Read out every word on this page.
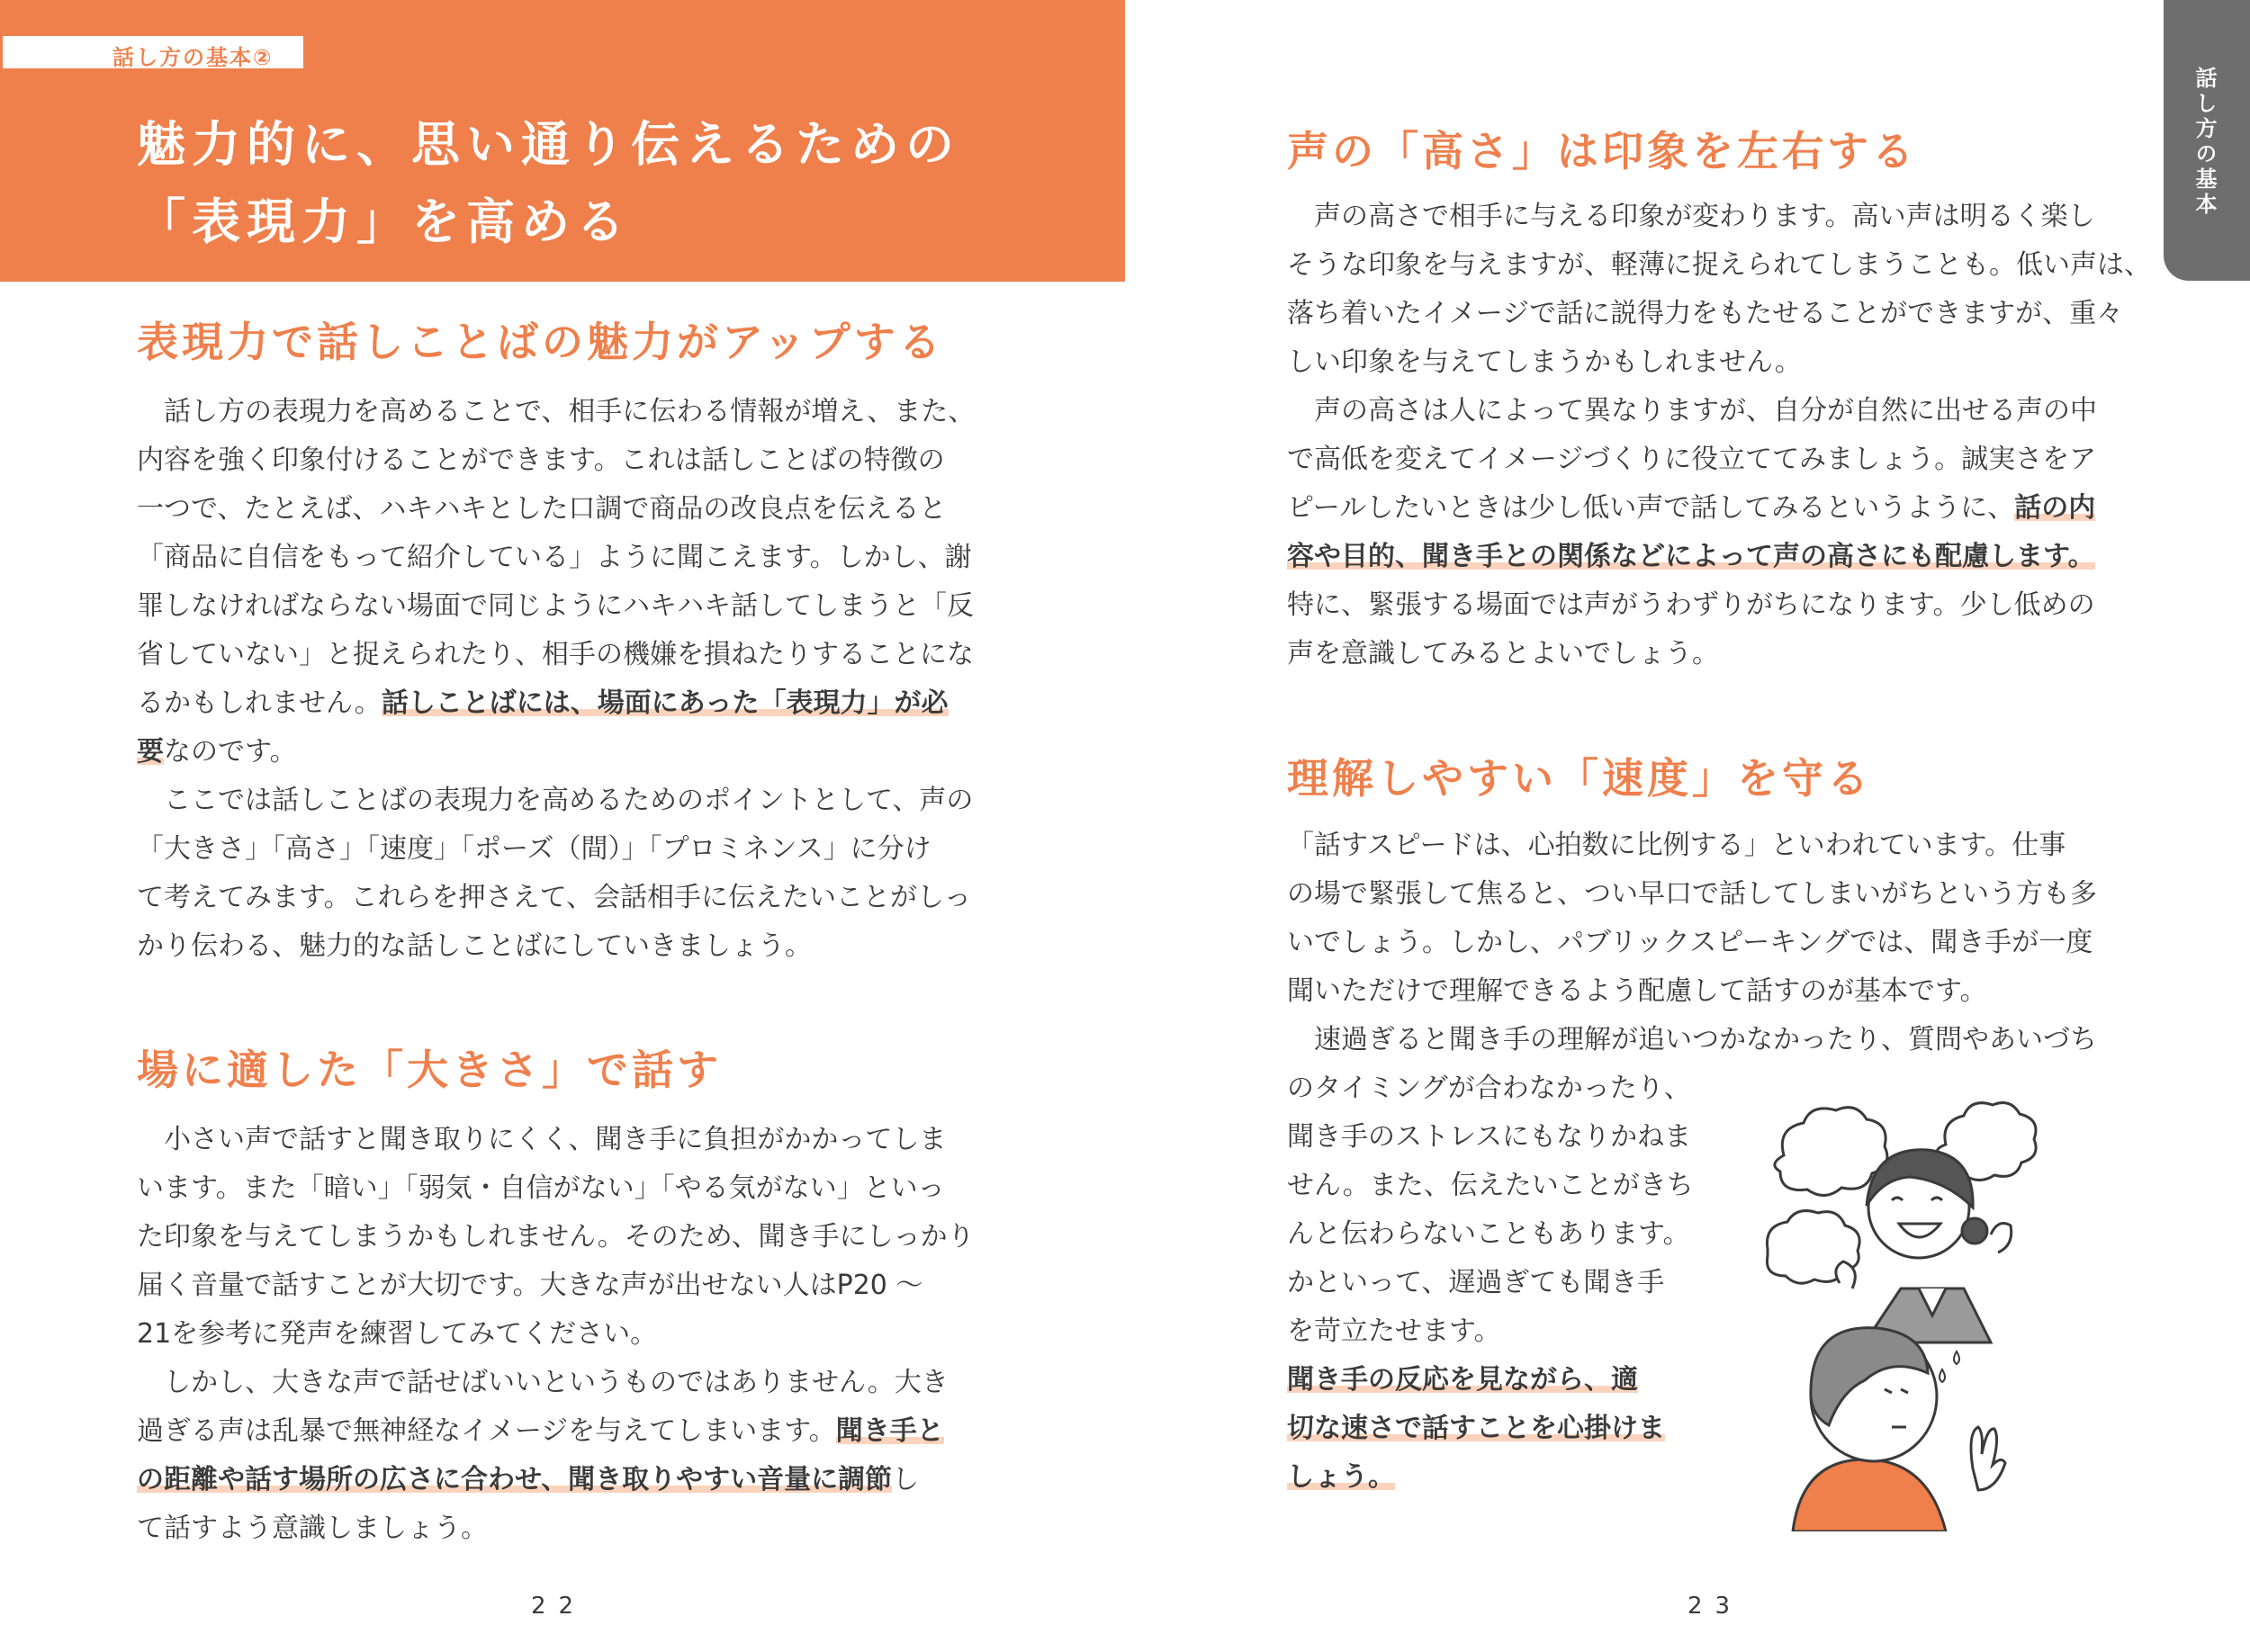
話し方の基本②
魅力的に、思い通り伝えるための
「表現力」を高める
表現力で話しことばの魅力がアップする
　話し方の表現力を高めることで、相手に伝わる情報が増え、また、
内容を強く印象付けることができます。これは話しことばの特徴の
一つで、たとえば、ハキハキとした口調で商品の改良点を伝えると
「商品に自信をもって紹介している」ように聞こえます。しかし、謝
罪しなければならない場面で同じようにハキハキ話してしまうと「反
省していない」と捉えられたり、相手の機嫌を損ねたりすることにな
るかもしれません。話しことばには、場面にあった「表現力」が必
要なのです。
　ここでは話しことばの表現力を高めるためのポイントとして、声の
「大きさ」「高さ」「速度」「ポーズ（間）」「プロミネンス」に分け
て考えてみます。これらを押さえて、会話相手に伝えたいことがしっ
かり伝わる、魅力的な話しことばにしていきましょう。
場に適した「大きさ」で話す
　小さい声で話すと聞き取りにくく、聞き手に負担がかかってしま
います。また「暗い」「弱気・自信がない」「やる気がない」といっ
た印象を与えてしまうかもしれません。そのため、聞き手にしっかり
届く音量で話すことが大切です。大きな声が出せない人はP20 ～
21を参考に発声を練習してみてください。
　しかし、大きな声で話せばいいというものではありません。大き
過ぎる声は乱暴で無神経なイメージを与えてしまいます。聞き手と
の距離や話す場所の広さに合わせ、聞き取りやすい音量に調節し
て話すよう意識しましょう。
22
話し方の基本
声の「高さ」は印象を左右する
　声の高さで相手に与える印象が変わります。高い声は明るく楽し
そうな印象を与えますが、軽薄に捉えられてしまうことも。低い声は、
落ち着いたイメージで話に説得力をもたせることができますが、重々
しい印象を与えてしまうかもしれません。
　声の高さは人によって異なりますが、自分が自然に出せる声の中
で高低を変えてイメージづくりに役立ててみましょう。誠実さをア
ピールしたいときは少し低い声で話してみるというように、話の内
容や目的、聞き手との関係などによって声の高さにも配慮します。
特に、緊張する場面では声がうわずりがちになります。少し低めの
声を意識してみるとよいでしょう。
理解しやすい「速度」を守る
「話すスピードは、心拍数に比例する」といわれています。仕事
の場で緊張して焦ると、つい早口で話してしまいがちという方も多
いでしょう。しかし、パブリックスピーキングでは、聞き手が一度
聞いただけで理解できるよう配慮して話すのが基本です。
　速過ぎると聞き手の理解が追いつかなかったり、質問やあいづち
のタイミングが合わなかったり、
聞き手のストレスにもなりかねま
せん。また、伝えたいことがきち
んと伝わらないこともあります。
かといって、遅過ぎても聞き手
を苛立たせます。
聞き手の反応を見ながら、適
切な速さで話すことを心掛けま
しょう。
23
